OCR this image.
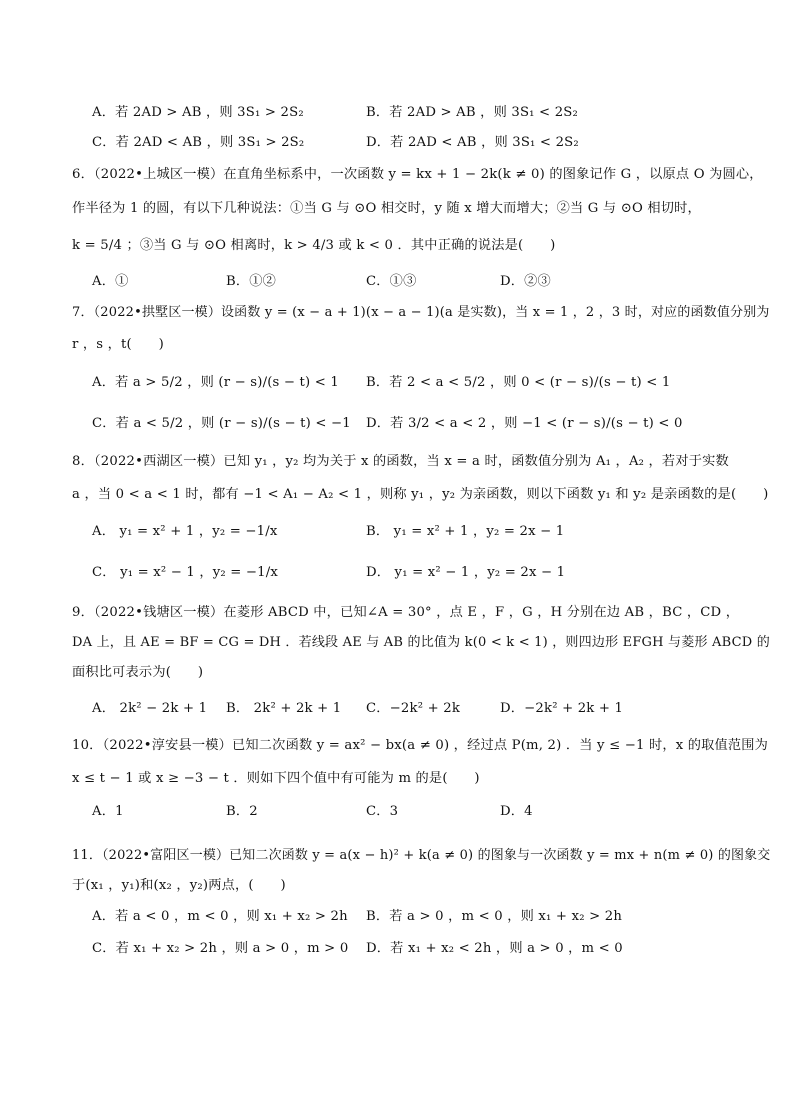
A．若 2AD > AB ，则 3S₁ > 2S₂	B．若 2AD > AB ，则 3S₁ < 2S₂
C．若 2AD < AB ，则 3S₁ > 2S₂	D．若 2AD < AB ，则 3S₁ < 2S₂
6．（2022•上城区一模）在直角坐标系中，一次函数 y = kx + 1 − 2k(k ≠ 0) 的图象记作 G ，以原点 O 为圆心，
作半径为 1 的圆，有以下几种说法：①当 G 与 ⊙O 相交时，y 随 x 增大而增大；②当 G 与 ⊙O 相切时，
k = 5/4 ；③当 G 与 ⊙O 相离时，k > 4/3 或 k < 0 ．其中正确的说法是(　　)
A．①	B．①②	C．①③	D．②③
7．（2022•拱墅区一模）设函数 y = (x − a + 1)(x − a − 1)(a 是实数)，当 x = 1 ，2 ，3 时，对应的函数值分别为
r ，s ，t(　　)
A．若 a > 5/2 ，则 (r − s)/(s − t) < 1 B．若 2 < a < 5/2 ，则 0 < (r − s)/(s − t) < 1
C．若 a < 5/2 ，则 (r − s)/(s − t) < −1 D．若 3/2 < a < 2 ，则 −1 < (r − s)/(s − t) < 0
8．（2022•西湖区一模）已知 y₁ ，y₂ 均为关于 x 的函数，当 x = a 时，函数值分别为 A₁ ，A₂ ，若对于实数
a ，当 0 < a < 1 时，都有 −1 < A₁ − A₂ < 1 ，则称 y₁ ，y₂ 为亲函数，则以下函数 y₁ 和 y₂ 是亲函数的是(　　)
A． y₁ = x² + 1 ，y₂ = −1/x	B． y₁ = x² + 1 ，y₂ = 2x − 1
C． y₁ = x² − 1 ，y₂ = −1/x	D． y₁ = x² − 1 ，y₂ = 2x − 1
9．（2022•钱塘区一模）在菱形 ABCD 中，已知∠A = 30° ，点 E ，F ，G ，H 分别在边 AB ，BC ，CD ，
DA 上，且 AE = BF = CG = DH ．若线段 AE 与 AB 的比值为 k(0 < k < 1) ，则四边形 EFGH 与菱形 ABCD 的
面积比可表示为(　　)
A． 2k² − 2k + 1 B． 2k² + 2k + 1 C．−2k² + 2k	D．−2k² + 2k + 1
10．（2022•淳安县一模）已知二次函数 y = ax² − bx(a ≠ 0) ，经过点 P(m, 2) ．当 y ≤ −1 时，x 的取值范围为
x ≤ t − 1 或 x ≥ −3 − t ．则如下四个值中有可能为 m 的是(　　)
A．1	B．2	C．3	D．4
11．（2022•富阳区一模）已知二次函数 y = a(x − h)² + k(a ≠ 0) 的图象与一次函数 y = mx + n(m ≠ 0) 的图象交
于(x₁ ，y₁)和(x₂ ，y₂)两点，(　　)
A．若 a < 0 ，m < 0 ，则 x₁ + x₂ > 2h B．若 a > 0 ，m < 0 ，则 x₁ + x₂ > 2h
C．若 x₁ + x₂ > 2h ，则 a > 0 ，m > 0 D．若 x₁ + x₂ < 2h ，则 a > 0 ，m < 0
